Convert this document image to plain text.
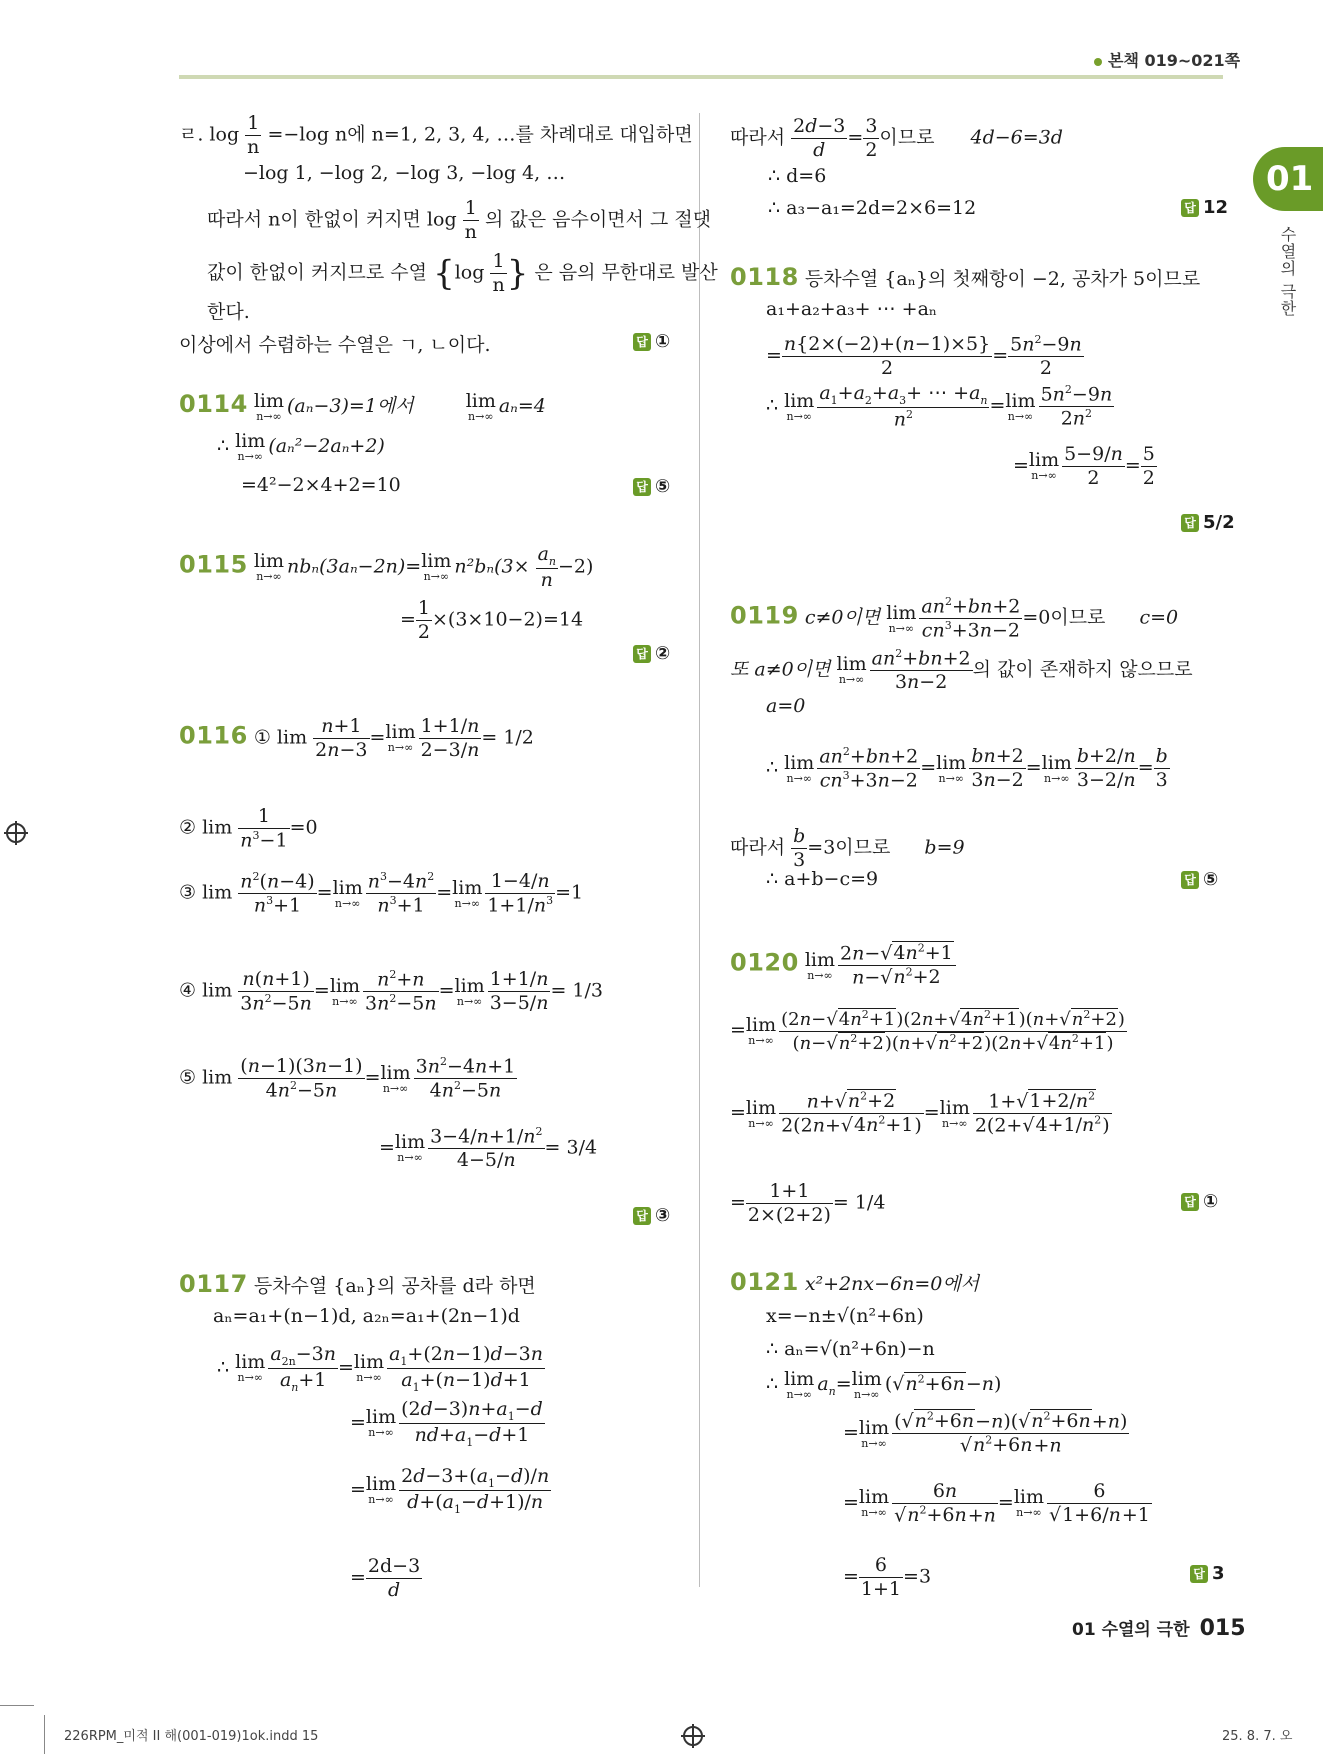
본책 019~021쪽
01
수열의 극한
ㄹ. $\log \frac{1}{n} =-\log$ n에 n=1, 2, 3, 4, …를 차례대로 대입하면
−log 1, −log 2, −log 3, −log 4, …
따라서 n이 한없이 커지면 $\log \frac{1}{n}$ 의 값은 음수이면서 그 절댓
값이 한없이 커지므로 수열 {$\log \frac{1}{n}$ } 은 음의 무한대로 발산
한다.
이상에서 수렴하는 수열은 ㄱ, ㄴ이다.	답 ①
0114 lim
n→∞ (aₙ−3)=1에서	lim
n→∞ aₙ=4
∴ lim
n→∞ (aₙ²−2aₙ+2)
=4²−2×4+2=10	답 ⑤
0115 lim
n→∞ nbₙ(3aₙ−2n)=lim
n→∞ $n^2b_n(3\times \frac{a_n}{n} -2)$
= $\frac{1}{2} \times(3\times 10-2)=14$
답 ②
0116 ① $\lim \frac{n+1}{2n-3} =\lim$
$n\to\infty \frac{1+1/n}{2-3/n} = 1/2$
② $\lim \frac{1}{n^3-1} =0$
③ $\lim \frac{n^2(n-4)}{n^3+1} =\lim$
$n\to\infty \frac{n^3-4n^2}{n^3+1} =\lim$
$n\to\infty \frac{1-4/n}{1+1/n^3} =1$
④ $\lim \frac{n(n+1)}{3n^2-5n} =\lim$
$n\to\infty \frac{n^2+n}{3n^2-5n} =\lim$
$n\to\infty \frac{1+1/n}{3-5/n} = 1/3$
⑤ $\lim \frac{(n-1)(3n-1)}{4n^2-5n} =\lim$
$n\to\infty \frac{3n^2-4n+1}{4n^2-5n}$
=lim
$n\to\infty \frac{3-4/n+1/n^2}{4-5/n} = 3/4$
답 ③
0117 등차수열 {aₙ}의 공차를 d라 하면
aₙ=a₁+(n−1)d, a₂ₙ=a₁+(2n−1)d
∴ lim
$n\to\infty \frac{a_{2n}-3n}{a_n+1} =\lim$
$n\to\infty \frac{a_1+(2n-1)d-3n}{a_1+(n-1)d+1}$
=lim
$n\to\infty \frac{(2d-3)n+a_1-d}{nd+a_1-d+1}$
=lim
$n\to\infty \frac{2d-3+(a_1-d)/n}{d+(a_1-d+1)/n}$
= $\frac{2d-3}{d}$
따라서 $\frac{2d-3}{d} = \frac{3}{2}$ 이므로 4d−6=3d
∴ d=6
∴ a₃−a₁=2d=2×6=12	답 12
0118 등차수열 {aₙ}의 첫째항이 −2, 공차가 5이므로
a₁+a₂+a₃+ ⋯ +aₙ
= $\frac{n\{2\times(-2)+(n-1)\times 5\}}{2} = \frac{5n^2-9n}{2}$
∴ lim
$n\to\infty \frac{a_1+a_2+a_3+ \cdots +a_n}{n^2} =\lim$
$n\to\infty \frac{5n^2-9n}{2n^2}$
=lim
$n\to\infty \frac{5-9/n}{2} = \frac{5}{2}$
답 5/2
0119 c≠0이면 lim
$n\to\infty \frac{an^2+bn+2}{cn^3+3n-2} =0$이므로 c=0
또 a≠0이면 lim
$n\to\infty \frac{an^2+bn+2}{3n-2}$ 의 값이 존재하지 않으므로
a=0
∴ lim
$n\to\infty \frac{an^2+bn+2}{cn^3+3n-2} =\lim$
$n\to\infty \frac{bn+2}{3n-2} =\lim$
$n\to\infty \frac{b+2/n}{3-2/n} = \frac{b}{3}$
따라서 $\frac{b}{3} =3$이므로 b=9
∴ a+b−c=9	답 ⑤
0120 lim
$n\to\infty \frac{2n-√4n^2+1}{n-√n^2+2}$
=lim
$n\to\infty \frac{(2n-√4n^2+1)(2n+√4n^2+1)(n+√n^2+2)}{(n-√n^2+2)(n+√n^2+2)(2n+√4n^2+1)}$
=lim
$n\to\infty \frac{n+√n^2+2}{2(2n+√4n^2+1)} =\lim$
$n\to\infty \frac{1+√1+2/n^2}{2(2+√4+1/n^2)}$
= $\frac{1+1}{2\times(2+2)} = 1/4$	답 ①
0121 x²+2nx−6n=0에서
x=−n±√(n²+6n)
∴ aₙ=√(n²+6n)−n
∴ lim
n→∞ $a_n=\lim$
n→∞ $(√n^2+6n-n)$
=lim
$n\to\infty \frac{(√n^2+6n-n)(√n^2+6n+n)}{√n^2+6n+n}$
=lim
$n\to\infty \frac{6n}{√n^2+6n+n} =\lim$
$n\to\infty \frac{6}{√1+6/n+1}$
= $\frac{6}{1+1} =3$	답 3
01 수열의 극한 015
226RPM_미적 II 해(001-019)1ok.indd 15	25. 8. 7. 오
